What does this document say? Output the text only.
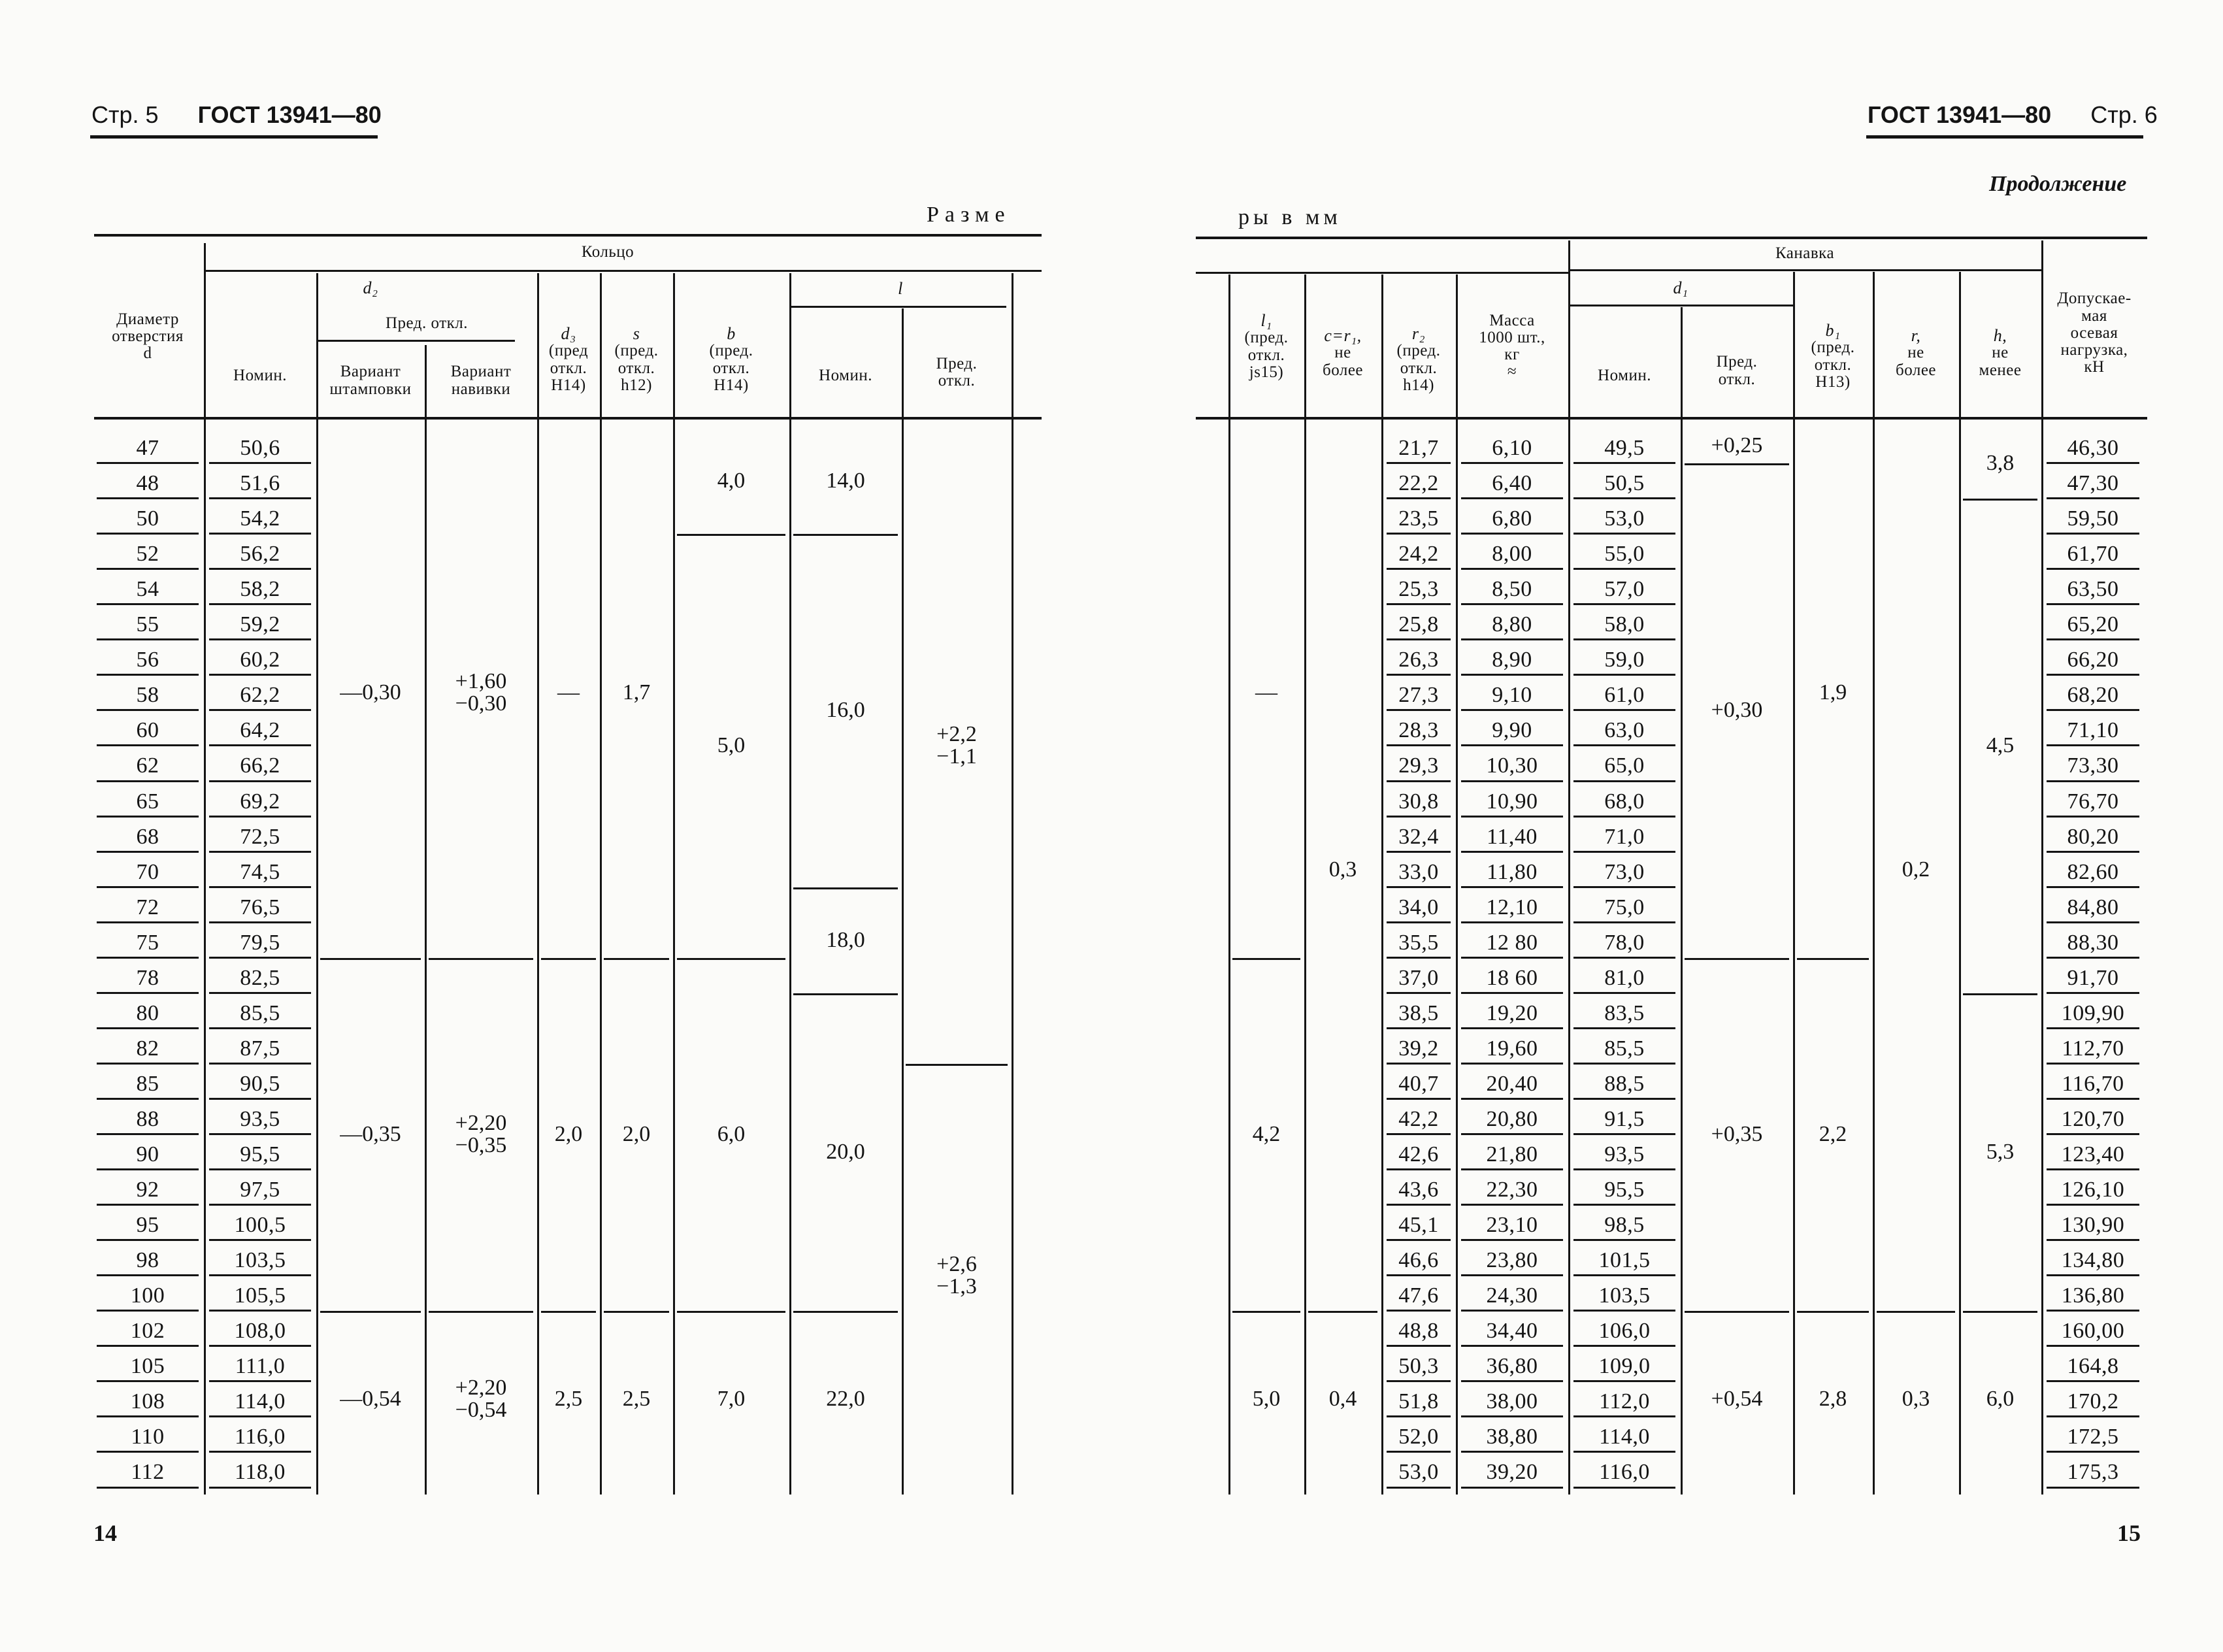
Стр. 5 ГОСТ 13941—80
Разме
ГОСТ 13941—80 Стр. 6
Продолжение
ры в мм
Диаметр
отверстия
d
Кольцо
d₂
Номин.
Пред. откл.
Вариант
штамповки
Вариант
навивки
d₃
(пред
откл.
H14)
s
(пред.
откл.
h12)
b
(пред.
откл.
H14)
l
Номин.
Пред.
откл.
47
48
50
52
54
55
56
58
60
62
65
68
70
72
75
78
80
82
85
88
90
92
95
98
100
102
105
108
110
112
50,6
51,6
54,2
56,2
58,2
59,2
60,2
62,2
64,2
66,2
69,2
72,5
74,5
76,5
79,5
82,5
85,5
87,5
90,5
93,5
95,5
97,5
100,5
103,5
105,5
108,0
111,0
114,0
116,0
118,0
—0,30
—0,35
—0,54
+1,60
−0,30
+2,20
−0,35
+2,20
−0,54
—
2,0
2,5
1,7
2,0
2,5
4,0
5,0
6,0
7,0
14,0
16,0
18,0
20,0
22,0
+2,2
−1,1
+2,6
−1,3
l₁
(пред.
откл.
js15)
c=r₁,
не
более
r₂
(пред.
откл.
h14)
Масса
1000 шт.,
кг
≈
Канавка
d₁
Номин.
Пред.
откл.
b₁
(пред.
откл.
H13)
r,
не
более
h,
не
менее
Допускае-
мая
осевая
нагрузка,
кН
—
4,2
5,0
0,3
0,4
21,7
22,2
23,5
24,2
25,3
25,8
26,3
27,3
28,3
29,3
30,8
32,4
33,0
34,0
35,5
37,0
38,5
39,2
40,7
42,2
42,6
43,6
45,1
46,6
47,6
48,8
50,3
51,8
52,0
53,0
6,10
6,40
6,80
8,00
8,50
8,80
8,90
9,10
9,90
10,30
10,90
11,40
11,80
12,10
12 80
18 60
19,20
19,60
20,40
20,80
21,80
22,30
23,10
23,80
24,30
34,40
36,80
38,00
38,80
39,20
49,5
50,5
53,0
55,0
57,0
58,0
59,0
61,0
63,0
65,0
68,0
71,0
73,0
75,0
78,0
81,0
83,5
85,5
88,5
91,5
93,5
95,5
98,5
101,5
103,5
106,0
109,0
112,0
114,0
116,0
+0,25
+0,30
+0,35
+0,54
1,9
2,2
2,8
0,2
0,3
3,8
4,5
5,3
6,0
46,30
47,30
59,50
61,70
63,50
65,20
66,20
68,20
71,10
73,30
76,70
80,20
82,60
84,80
88,30
91,70
109,90
112,70
116,70
120,70
123,40
126,10
130,90
134,80
136,80
160,00
164,8
170,2
172,5
175,3
14	15
